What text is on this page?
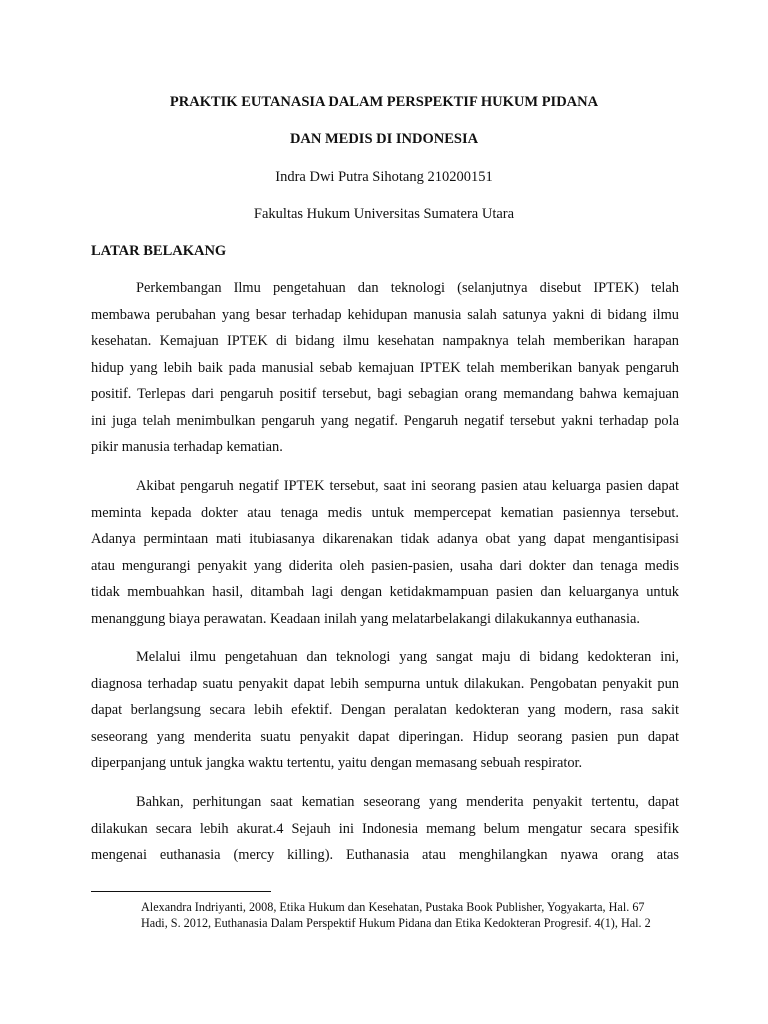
PRAKTIK EUTANASIA DALAM PERSPEKTIF HUKUM PIDANA
DAN MEDIS DI INDONESIA
Indra Dwi Putra Sihotang 210200151
Fakultas Hukum Universitas Sumatera Utara
LATAR BELAKANG
Perkembangan Ilmu pengetahuan dan teknologi (selanjutnya disebut IPTEK) telah
membawa perubahan yang besar terhadap kehidupan manusia salah satunya yakni di bidang ilmu
kesehatan. Kemajuan IPTEK di bidang ilmu kesehatan nampaknya telah memberikan harapan
hidup yang lebih baik pada manusial sebab kemajuan IPTEK telah memberikan banyak pengaruh
positif. Terlepas dari pengaruh positif tersebut, bagi sebagian orang memandang bahwa kemajuan
ini juga telah menimbulkan pengaruh yang negatif. Pengaruh negatif tersebut yakni terhadap pola
pikir manusia terhadap kematian.
Akibat pengaruh negatif IPTEK tersebut, saat ini seorang pasien atau keluarga pasien dapat
meminta kepada dokter atau tenaga medis untuk mempercepat kematian pasiennya tersebut.
Adanya permintaan mati itubiasanya dikarenakan tidak adanya obat yang dapat mengantisipasi
atau mengurangi penyakit yang diderita oleh pasien-pasien, usaha dari dokter dan tenaga medis
tidak membuahkan hasil, ditambah lagi dengan ketidakmampuan pasien dan keluarganya untuk
menanggung biaya perawatan. Keadaan inilah yang melatarbelakangi dilakukannya euthanasia.
Melalui ilmu pengetahuan dan teknologi yang sangat maju di bidang kedokteran ini,
diagnosa terhadap suatu penyakit dapat lebih sempurna untuk dilakukan. Pengobatan penyakit pun
dapat berlangsung secara lebih efektif. Dengan peralatan kedokteran yang modern, rasa sakit
seseorang yang menderita suatu penyakit dapat diperingan. Hidup seorang pasien pun dapat
diperpanjang untuk jangka waktu tertentu, yaitu dengan memasang sebuah respirator.
Bahkan, perhitungan saat kematian seseorang yang menderita penyakit tertentu, dapat
dilakukan secara lebih akurat.4 Sejauh ini Indonesia memang belum mengatur secara spesifik
mengenai euthanasia (mercy killing). Euthanasia atau menghilangkan nyawa orang atas
Alexandra Indriyanti, 2008, Etika Hukum dan Kesehatan, Pustaka Book Publisher, Yogyakarta, Hal. 67
Hadi, S. 2012, Euthanasia Dalam Perspektif Hukum Pidana dan Etika Kedokteran Progresif. 4(1), Hal. 2
